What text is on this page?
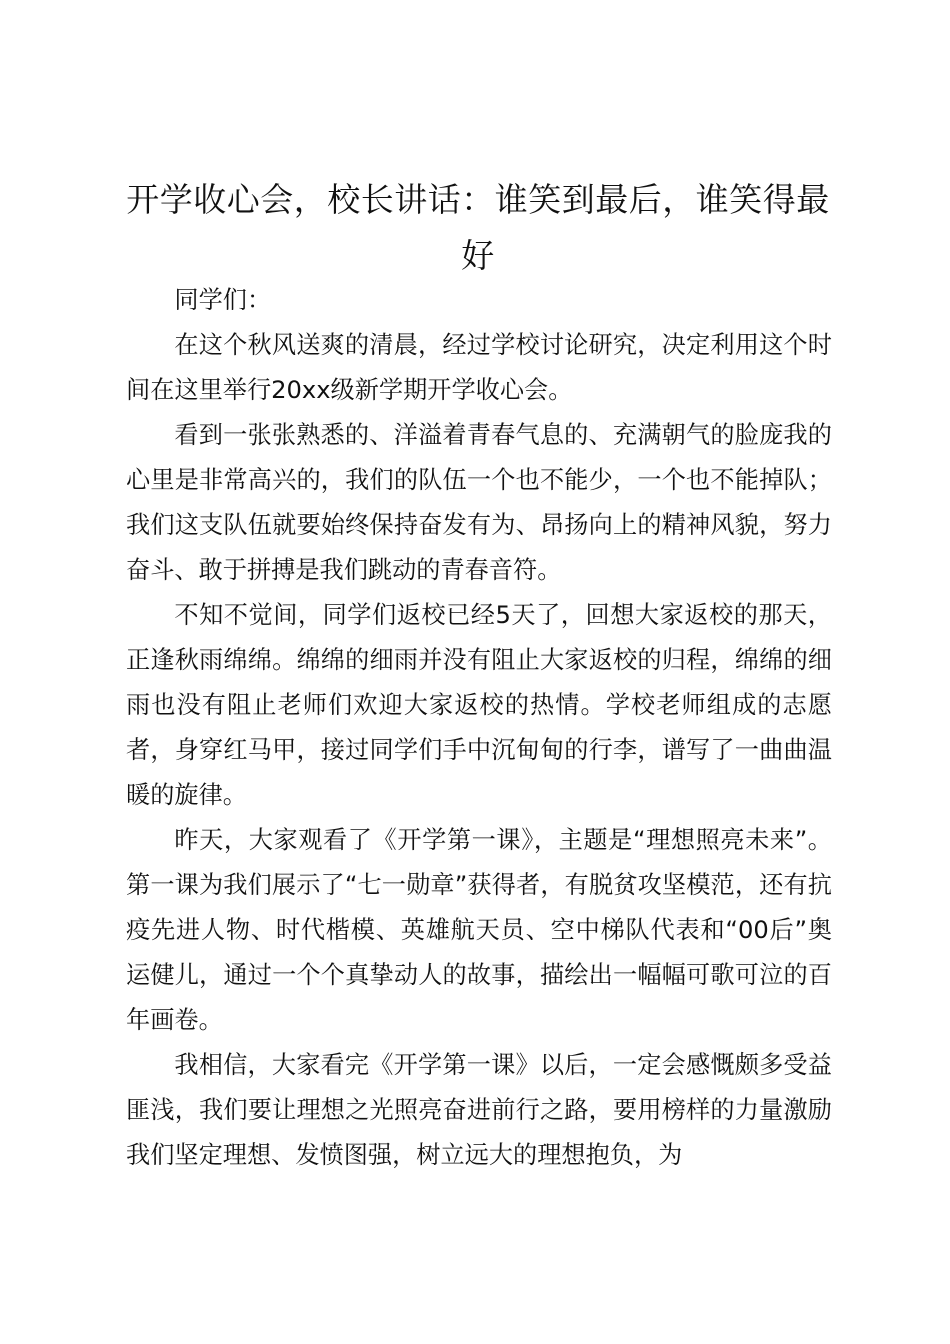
开学收心会，校长讲话：谁笑到最后，谁笑得最好

同学们：

在这个秋风送爽的清晨，经过学校讨论研究，决定利用这个时间在这里举行20xx级新学期开学收心会。

看到一张张熟悉的、洋溢着青春气息的、充满朝气的脸庞我的心里是非常高兴的，我们的队伍一个也不能少，一个也不能掉队；我们这支队伍就要始终保持奋发有为、昂扬向上的精神风貌，努力奋斗、敢于拼搏是我们跳动的青春音符。

不知不觉间，同学们返校已经5天了，回想大家返校的那天，正逢秋雨绵绵。绵绵的细雨并没有阻止大家返校的归程，绵绵的细雨也没有阻止老师们欢迎大家返校的热情。学校老师组成的志愿者，身穿红马甲，接过同学们手中沉甸甸的行李，谱写了一曲曲温暖的旋律。

昨天，大家观看了《开学第一课》，主题是“理想照亮未来”。第一课为我们展示了“七一勋章”获得者，有脱贫攻坚模范，还有抗疫先进人物、时代楷模、英雄航天员、空中梯队代表和“00后”奥运健儿，通过一个个真挚动人的故事，描绘出一幅幅可歌可泣的百年画卷。

我相信，大家看完《开学第一课》以后，一定会感慨颇多受益匪浅，我们要让理想之光照亮奋进前行之路，要用榜样的力量激励我们坚定理想、发愤图强，树立远大的理想抱负，为
